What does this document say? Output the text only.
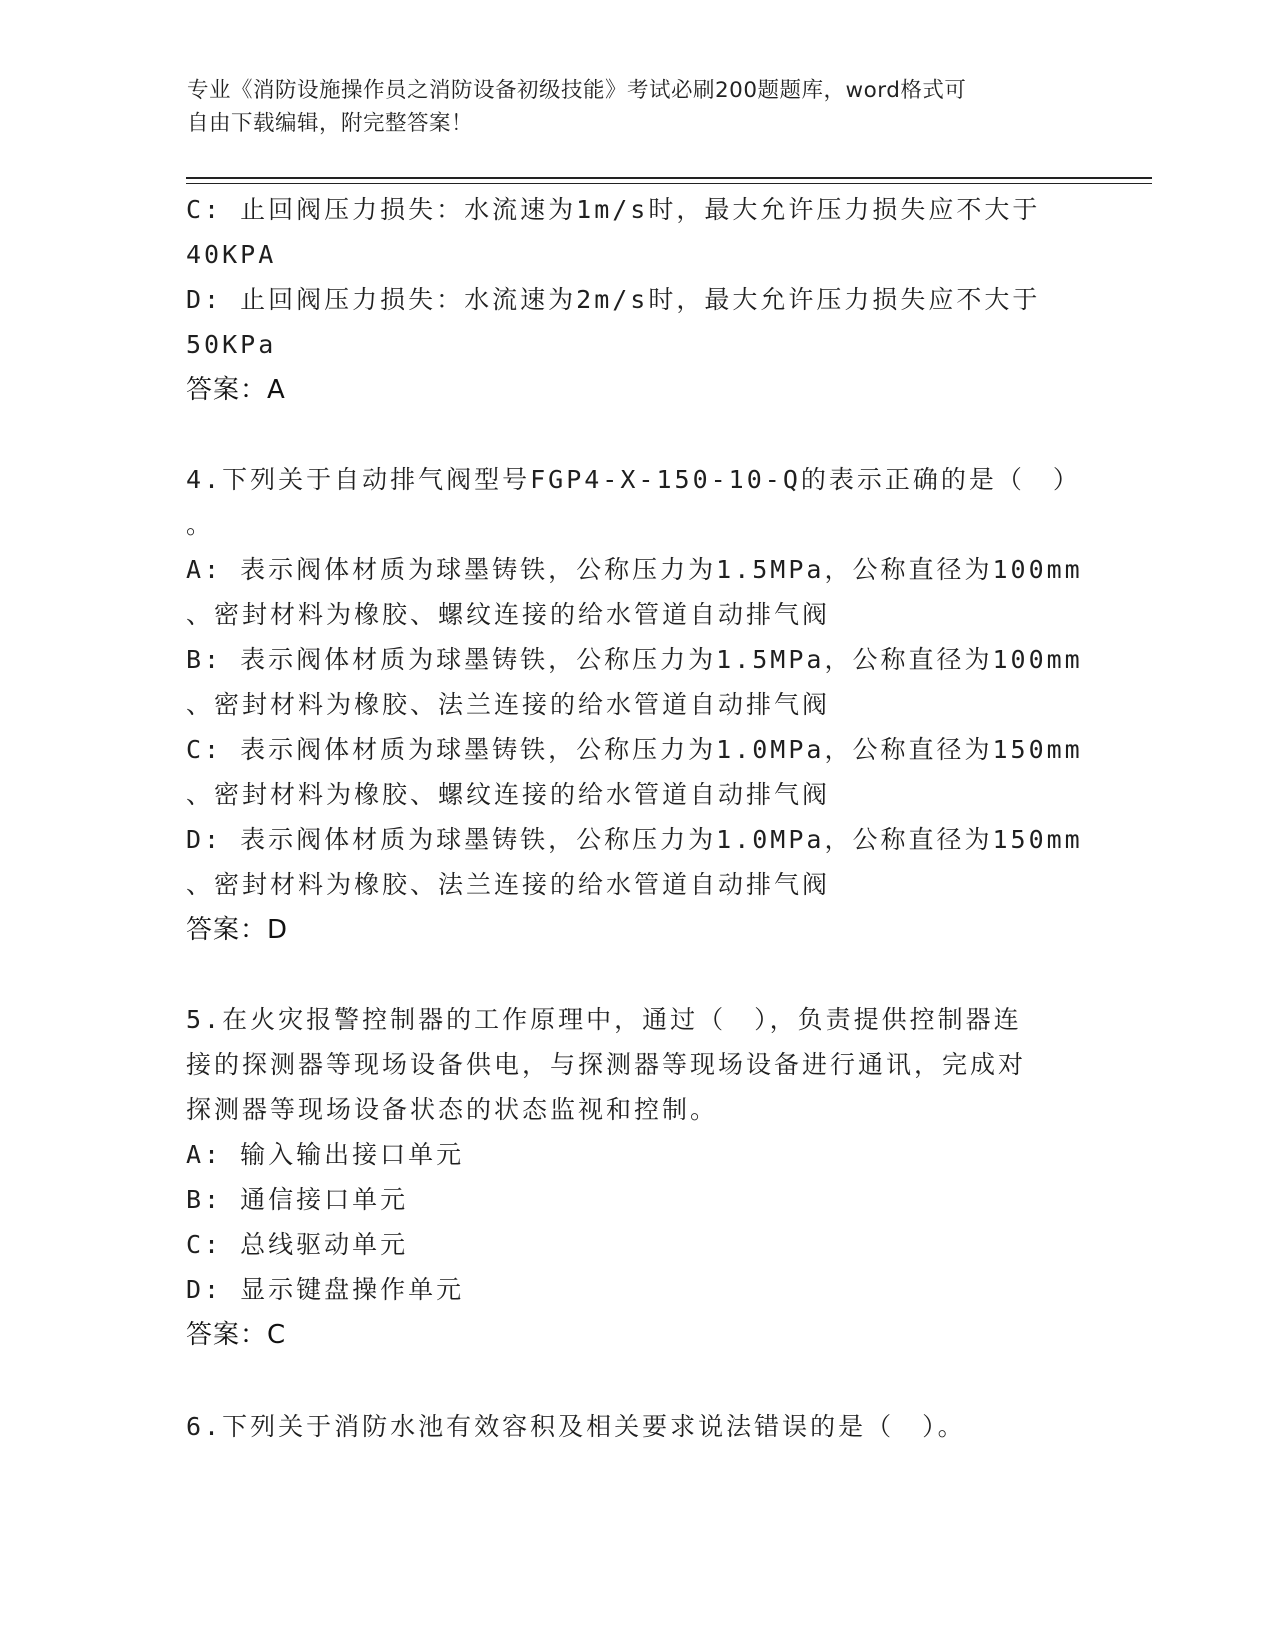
专业《消防设施操作员之消防设备初级技能》考试必刷200题题库，word格式可
自由下载编辑，附完整答案！
C: 止回阀压力损失：水流速为1m/s时，最大允许压力损失应不大于
40KPA
D: 止回阀压力损失：水流速为2m/s时，最大允许压力损失应不大于
50KPa
答案：A
4.下列关于自动排气阀型号FGP4-X-150-10-Q的表示正确的是（　）
。
A: 表示阀体材质为球墨铸铁，公称压力为1.5MPa，公称直径为100mm
、密封材料为橡胶、螺纹连接的给水管道自动排气阀
B: 表示阀体材质为球墨铸铁，公称压力为1.5MPa，公称直径为100mm
、密封材料为橡胶、法兰连接的给水管道自动排气阀
C: 表示阀体材质为球墨铸铁，公称压力为1.0MPa，公称直径为150mm
、密封材料为橡胶、螺纹连接的给水管道自动排气阀
D: 表示阀体材质为球墨铸铁，公称压力为1.0MPa，公称直径为150mm
、密封材料为橡胶、法兰连接的给水管道自动排气阀
答案：D
5.在火灾报警控制器的工作原理中，通过（　），负责提供控制器连
接的探测器等现场设备供电，与探测器等现场设备进行通讯，完成对
探测器等现场设备状态的状态监视和控制。
A: 输入输出接口单元
B: 通信接口单元
C: 总线驱动单元
D: 显示键盘操作单元
答案：C
6.下列关于消防水池有效容积及相关要求说法错误的是（　）。
